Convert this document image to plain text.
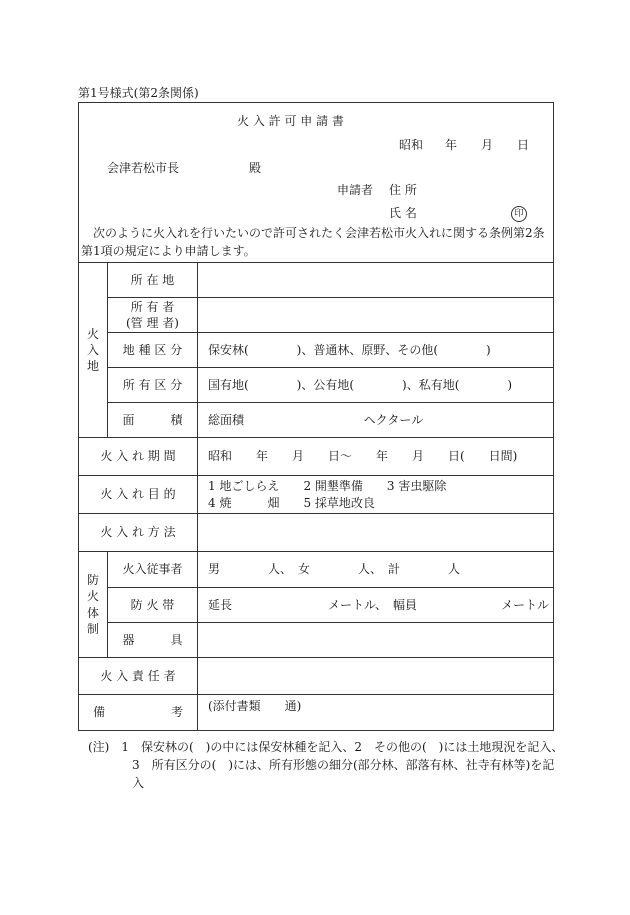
第1号様式(第2条関係)
火 入 許 可 申 請 書
昭和 年 月 日
会津若松市長	殿
申請者 住 所
氏 名	印
次のように火入れを行いたいので許可されたく会津若松市火入れに関する条例第2条
第1項の規定により申請します。
火
入
地	所 在 地	

	所 有 者
(管 理 者)	

	地 種 区 分	保安林(　　　　)、普通林、原野、その他(　　　　)
	所 有 区 分	国有地(　　　　)、公有地(　　　　)、私有地(　　　　)
	面　　　積	総面積 ヘクタール
火 入 れ 期 間		昭和　　年　　月　　日〜　　年　　月　　日(　　日間)
火 入 れ 目 的		1 地ごしらえ　　2 開墾準備　　3 害虫駆除
4 焼　　　畑　　5 採草地改良

火 入 れ 方 法		

防
火
体
制	火入従事者	男　　　　人、　女　　　　人、　計　　　　人
	防 火 帯	延長　　　　　　　　メートル、　幅員　　　　　　　メートル
	器　　　具	
火 入 責 任 者		

備 考		(添付書類　　通)
(注)　1　保安林の(　)の中には保安林種を記入、2　その他の(　)には土地現況を記入、
3　所有区分の(　)には、所有形態の細分(部分林、部落有林、社寺有林等)を記
入
